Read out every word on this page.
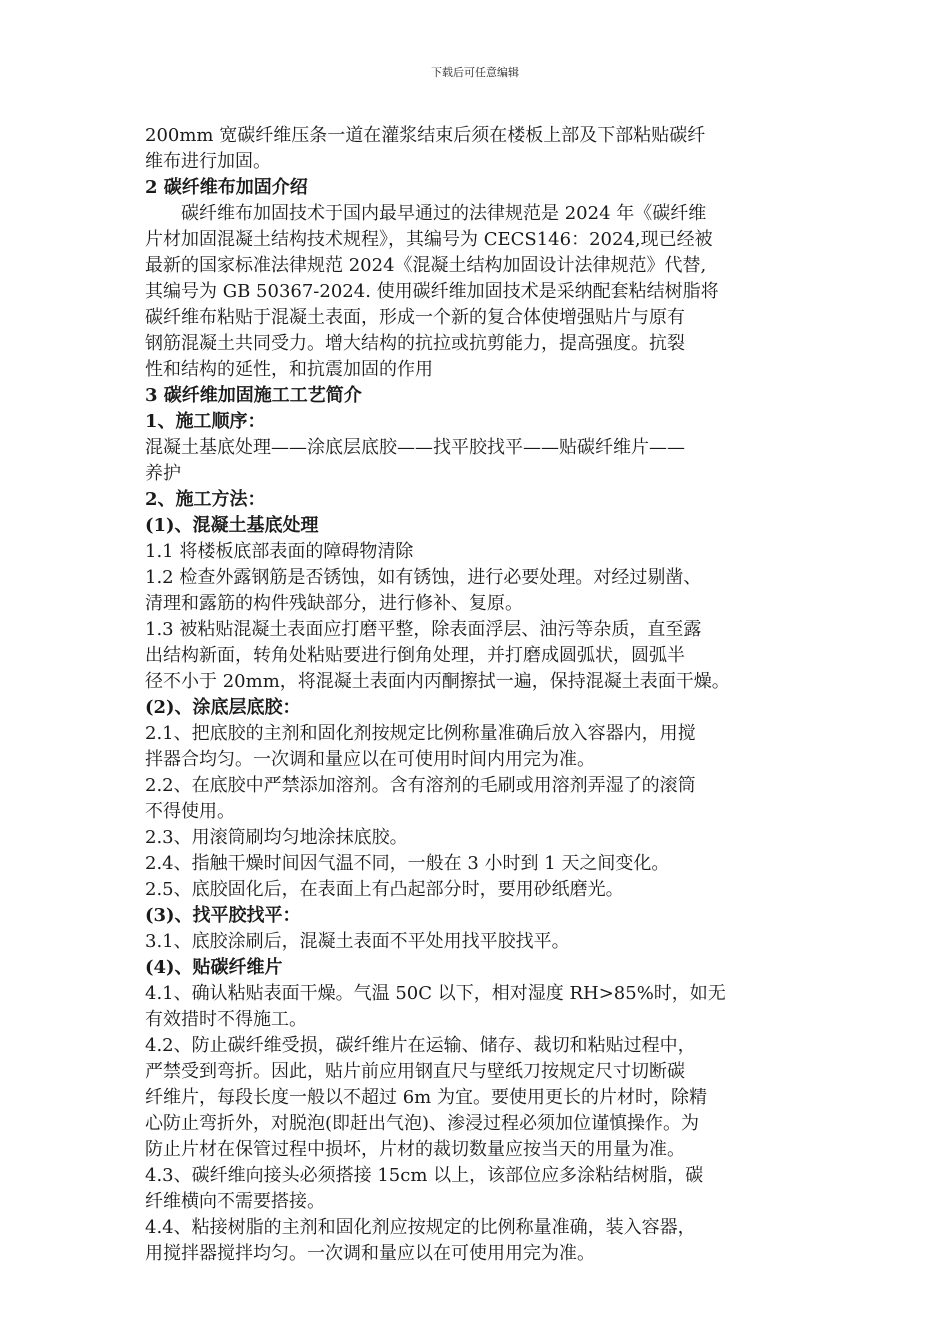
下载后可任意编辑
200mm 宽碳纤维压条一道在灌浆结束后须在楼板上部及下部粘贴碳纤
维布进行加固。
2 碳纤维布加固介绍
　　碳纤维布加固技术于国内最早通过的法律规范是 2024 年《碳纤维
片材加固混凝土结构技术规程》，其编号为 CECS146：2024,现已经被
最新的国家标准法律规范 2024《混凝土结构加固设计法律规范》代替,
其编号为 GB 50367-2024. 使用碳纤维加固技术是采纳配套粘结树脂将
碳纤维布粘贴于混凝土表面，形成一个新的复合体使增强贴片与原有
钢筋混凝土共同受力。增大结构的抗拉或抗剪能力，提高强度。抗裂
性和结构的延性，和抗震加固的作用
3 碳纤维加固施工工艺简介
1、施工顺序：
混凝土基底处理——涂底层底胶——找平胶找平——贴碳纤维片——
养护
2、施工方法：
(1)、混凝土基底处理
1.1 将楼板底部表面的障碍物清除
1.2 检查外露钢筋是否锈蚀，如有锈蚀，进行必要处理。对经过剔凿、
清理和露筋的构件残缺部分，进行修补、复原。
1.3 被粘贴混凝土表面应打磨平整，除表面浮层、油污等杂质，直至露
出结构新面，转角处粘贴要进行倒角处理，并打磨成圆弧状，圆弧半
径不小于 20mm，将混凝土表面内丙酮擦拭一遍，保持混凝土表面干燥。
(2)、涂底层底胶：
2.1、把底胶的主剂和固化剂按规定比例称量准确后放入容器内，用搅
拌器合均匀。一次调和量应以在可使用时间内用完为准。
2.2、在底胶中严禁添加溶剂。含有溶剂的毛刷或用溶剂弄湿了的滚筒
不得使用。
2.3、用滚筒刷均匀地涂抹底胶。
2.4、指触干燥时间因气温不同，一般在 3 小时到 1 天之间变化。
2.5、底胶固化后，在表面上有凸起部分时，要用砂纸磨光。
(3)、找平胶找平：
3.1、底胶涂刷后，混凝土表面不平处用找平胶找平。
(4)、贴碳纤维片
4.1、确认粘贴表面干燥。气温 50C 以下，相对湿度 RH>85%时，如无
有效措时不得施工。
4.2、防止碳纤维受损，碳纤维片在运输、储存、裁切和粘贴过程中，
严禁受到弯折。因此，贴片前应用钢直尺与壁纸刀按规定尺寸切断碳
纤维片，每段长度一般以不超过 6m 为宜。要使用更长的片材时，除精
心防止弯折外，对脱泡(即赶出气泡)、渗浸过程必须加位谨慎操作。为
防止片材在保管过程中损坏，片材的裁切数量应按当天的用量为准。
4.3、碳纤维向接头必须搭接 15cm 以上，该部位应多涂粘结树脂，碳
纤维横向不需要搭接。
4.4、粘接树脂的主剂和固化剂应按规定的比例称量准确，装入容器，
用搅拌器搅拌均匀。一次调和量应以在可使用用完为准。
